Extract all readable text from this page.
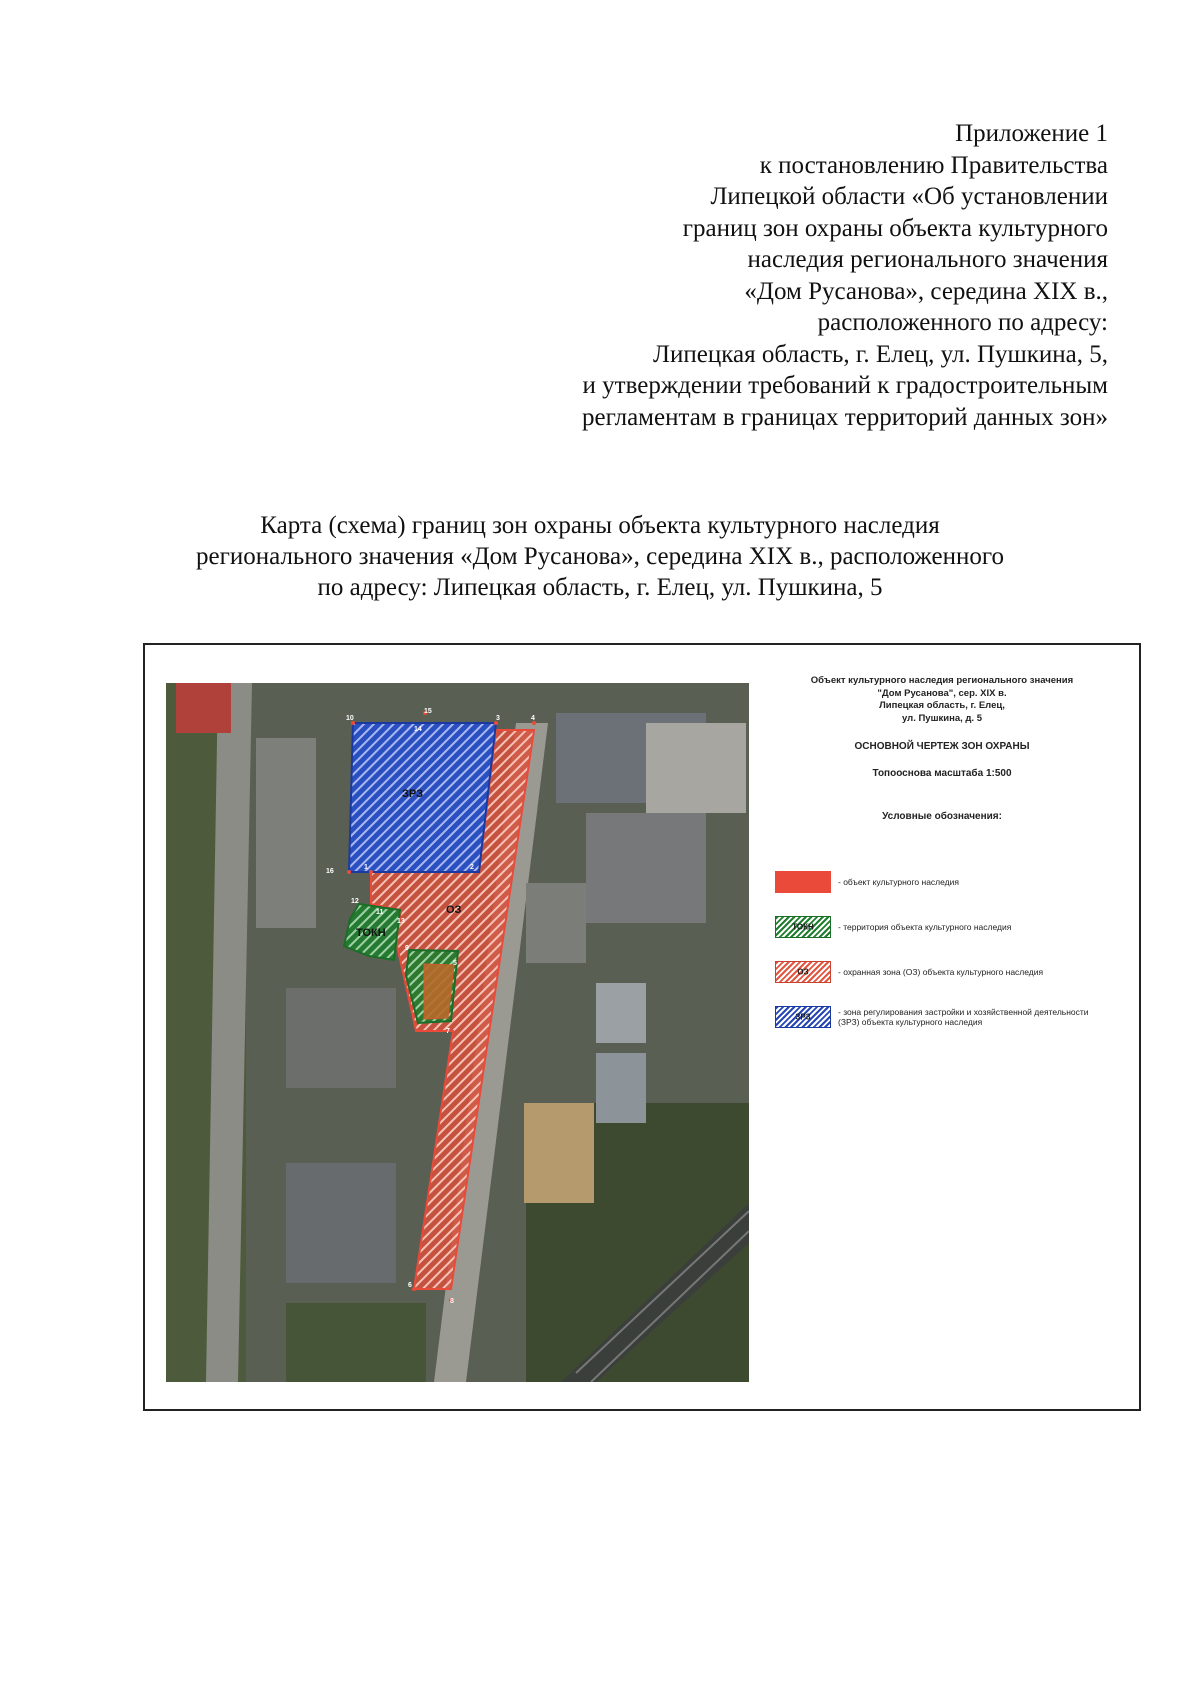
Приложение 1
к постановлению Правительства
Липецкой области «Об установлении
границ зон охраны объекта культурного
наследия регионального значения
«Дом Русанова», середина XIX в.,
расположенного по адресу:
Липецкая область, г. Елец, ул. Пушкина, 5,
и утверждении требований к градостроительным
регламентам в границах территорий данных зон»
Карта (схема) границ зон охраны объекта культурного наследия
регионального значения «Дом Русанова», середина XIX в., расположенного
по адресу: Липецкая область, г. Елец, ул. Пушкина, 5
ЗРЗ
ОЗ
ТОКН
1	2
3	4
5
6
7
8
9
10
11
12
13
14
15
16
Объект культурного наследия регионального значения
"Дом Русанова", сер. XIX в.
Липецкая область, г. Елец,
ул. Пушкина, д. 5
ОСНОВНОЙ ЧЕРТЕЖ ЗОН ОХРАНЫ
Топооснова масштаба 1:500
Условные обозначения:
- объект культурного наследия
ТОКН	- территория объекта культурного наследия
ОЗ	- охранная зона (ОЗ) объекта культурного наследия
ЗРЗ
- зона регулирования застройки и хозяйственной деятельности (ЗРЗ) объекта культурного наследия
